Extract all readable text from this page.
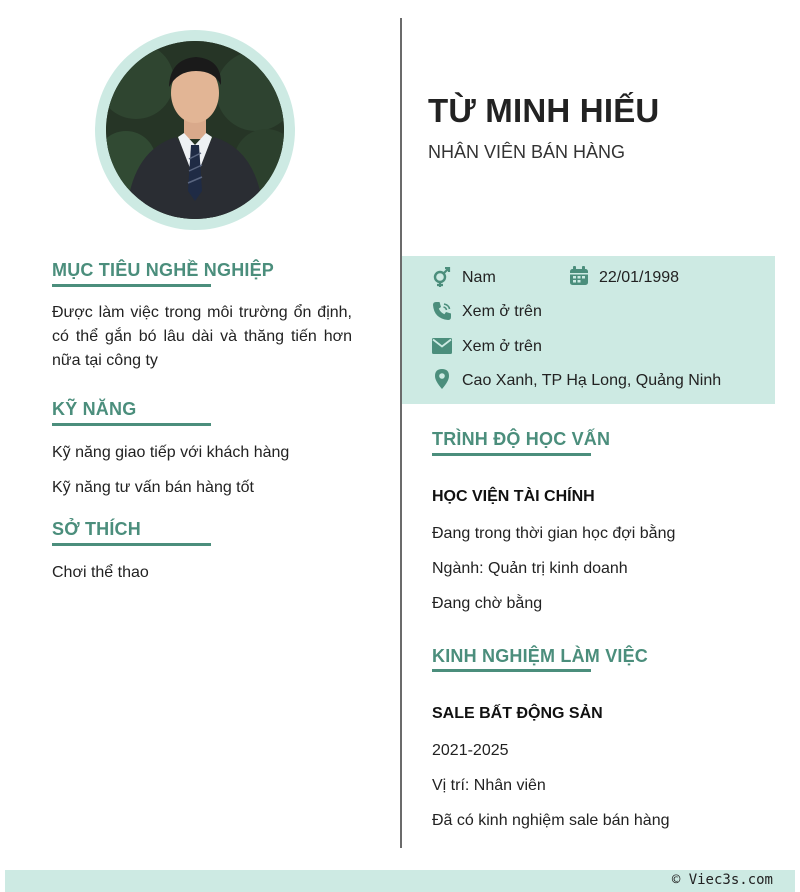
MỤC TIÊU NGHỀ NGHIỆP
Được làm việc trong môi trường ổn định, có thể gắn bó lâu dài và thăng tiến hơn nữa tại công ty
KỸ NĂNG
Kỹ năng giao tiếp với khách hàng
Kỹ năng tư vấn bán hàng tốt
SỞ THÍCH
Chơi thể thao
TỪ MINH HIẾU
NHÂN VIÊN BÁN HÀNG
Nam	22/01/1998
Xem ở trên
Xem ở trên
Cao Xanh, TP Hạ Long, Quảng Ninh
TRÌNH ĐỘ HỌC VẤN
HỌC VIỆN TÀI CHÍNH
Đang trong thời gian học đợi bằng
Ngành: Quản trị kinh doanh
Đang chờ bằng
KINH NGHIỆM LÀM VIỆC
SALE BẤT ĐỘNG SẢN
2021-2025
Vị trí: Nhân viên
Đã có kinh nghiệm sale bán hàng
© Viec3s.com
